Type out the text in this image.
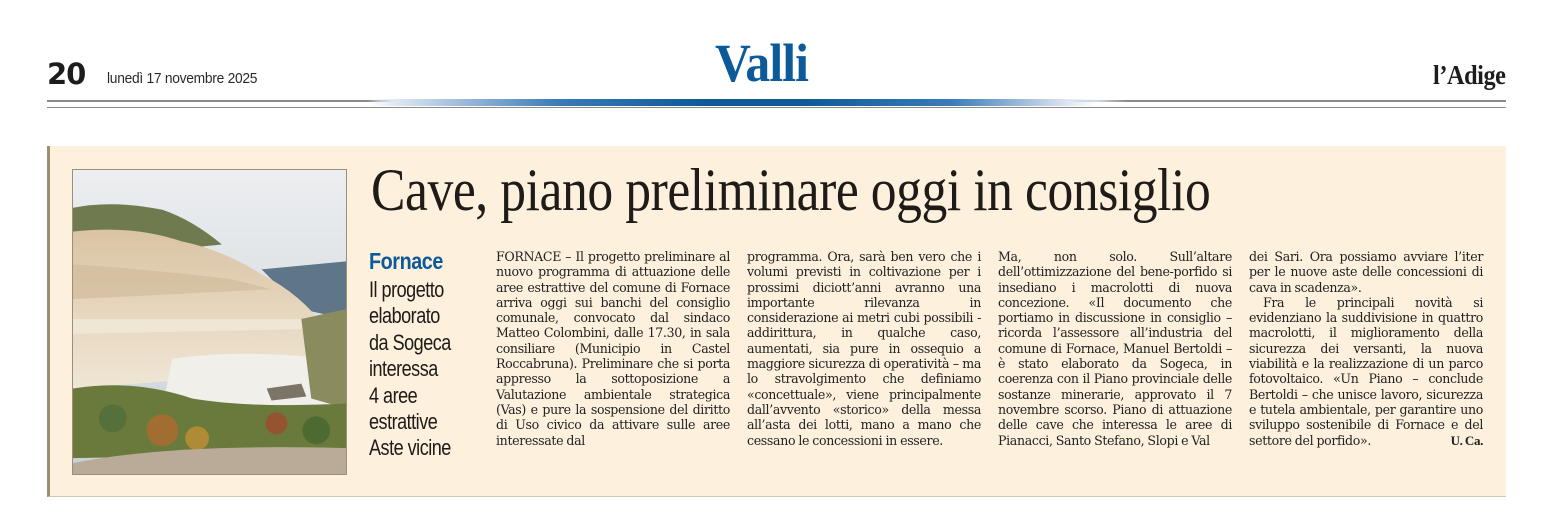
20 lunedì 17 novembre 2025	Valli	l’Adige
Cave, piano preliminare oggi in consiglio
Fornace
Il progetto
elaborato
da Sogeca
interessa
4 aree
estrattive
Aste vicine

FORNACE – Il progetto preliminare al nuovo programma di attuazione delle aree estrattive del comune di Fornace arriva oggi sui banchi del consiglio comunale, convocato dal sindaco Matteo Colombini, dalle 17.30, in sala consiliare (Municipio in Castel Roccabruna). Preliminare che si porta appresso la sottoposizione a Valutazione ambientale strategica (Vas) e pure la sospensione del diritto di Uso civico da attivare sulle aree interessate dal

programma. Ora, sarà ben vero che i volumi previsti in coltivazione per i prossimi diciott’anni avranno una importante rilevanza in considerazione ai metri cubi possibili - addirittura, in qualche caso, aumentati, sia pure in ossequio a maggiore sicurezza di operatività – ma lo stravolgimento che definiamo «concettuale», viene principalmente dall’avvento «storico» della messa all’asta dei lotti, mano a mano che cessano le concessioni in essere.

Ma, non solo. Sull’altare dell’ottimizzazione del bene-porfido si insediano i macrolotti di nuova concezione. «Il documento che portiamo in discussione in consiglio – ricorda l’assessore all’industria del comune di Fornace, Manuel Bertoldi – è stato elaborato da Sogeca, in coerenza con il Piano provinciale delle sostanze minerarie, approvato il 7 novembre scorso. Piano di attuazione delle cave che interessa le aree di Pianacci, Santo Stefano, Slopi e Val

dei Sari. Ora possiamo avviare l’iter per le nuove aste delle concessioni di cava in scadenza».

Fra le principali novità si evidenziano la suddivisione in quattro macrolotti, il miglioramento della sicurezza dei versanti, la nuova viabilità e la realizzazione di un parco fotovoltaico. «Un Piano – conclude Bertoldi – che unisce lavoro, sicurezza e tutela ambientale, per garantire uno sviluppo sostenibile di Fornace e del settore del porfido».	U. Ca.
